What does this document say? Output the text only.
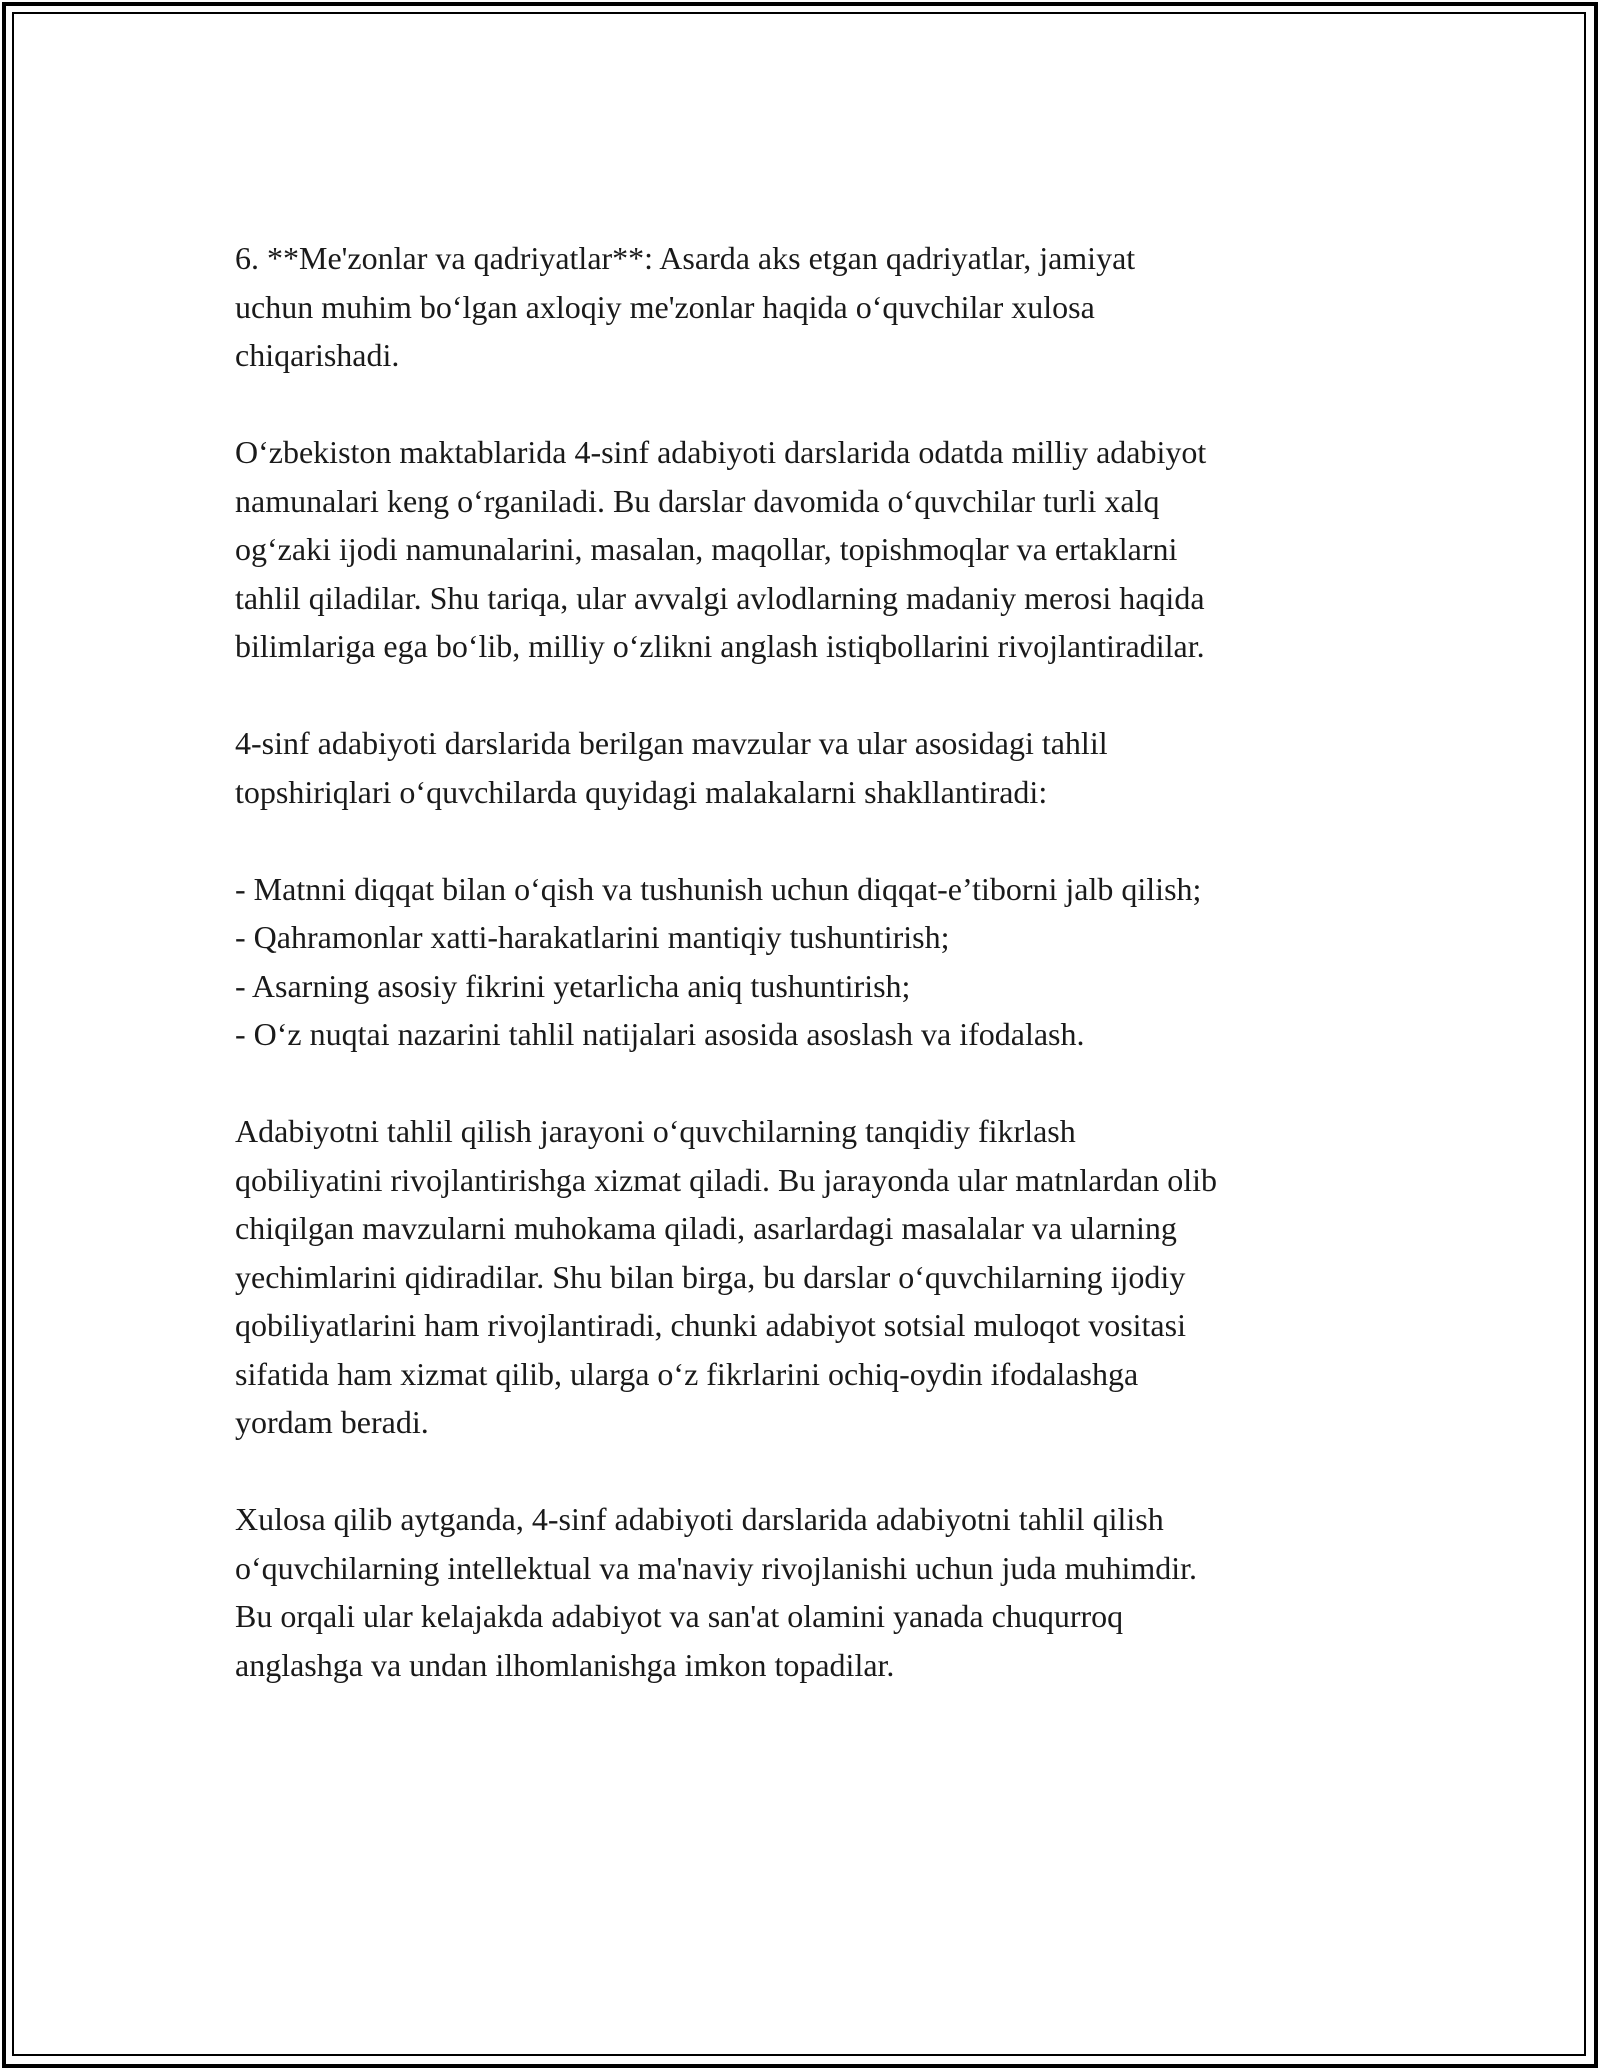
6. **Me'zonlar va qadriyatlar**: Asarda aks etgan qadriyatlar, jamiyat
uchun muhim bo‘lgan axloqiy me'zonlar haqida o‘quvchilar xulosa
chiqarishadi.

O‘zbekiston maktablarida 4-sinf adabiyoti darslarida odatda milliy adabiyot
namunalari keng o‘rganiladi. Bu darslar davomida o‘quvchilar turli xalq
og‘zaki ijodi namunalarini, masalan, maqollar, topishmoqlar va ertaklarni
tahlil qiladilar. Shu tariqa, ular avvalgi avlodlarning madaniy merosi haqida
bilimlariga ega bo‘lib, milliy o‘zlikni anglash istiqbollarini rivojlantiradilar.

4-sinf adabiyoti darslarida berilgan mavzular va ular asosidagi tahlil
topshiriqlari o‘quvchilarda quyidagi malakalarni shakllantiradi:

- Matnni diqqat bilan o‘qish va tushunish uchun diqqat-e’tiborni jalb qilish;
- Qahramonlar xatti-harakatlarini mantiqiy tushuntirish;
- Asarning asosiy fikrini yetarlicha aniq tushuntirish;
- O‘z nuqtai nazarini tahlil natijalari asosida asoslash va ifodalash.

Adabiyotni tahlil qilish jarayoni o‘quvchilarning tanqidiy fikrlash
qobiliyatini rivojlantirishga xizmat qiladi. Bu jarayonda ular matnlardan olib
chiqilgan mavzularni muhokama qiladi, asarlardagi masalalar va ularning
yechimlarini qidiradilar. Shu bilan birga, bu darslar o‘quvchilarning ijodiy
qobiliyatlarini ham rivojlantiradi, chunki adabiyot sotsial muloqot vositasi
sifatida ham xizmat qilib, ularga o‘z fikrlarini ochiq-oydin ifodalashga
yordam beradi.

Xulosa qilib aytganda, 4-sinf adabiyoti darslarida adabiyotni tahlil qilish
o‘quvchilarning intellektual va ma'naviy rivojlanishi uchun juda muhimdir.
Bu orqali ular kelajakda adabiyot va san'at olamini yanada chuqurroq
anglashga va undan ilhomlanishga imkon topadilar.
